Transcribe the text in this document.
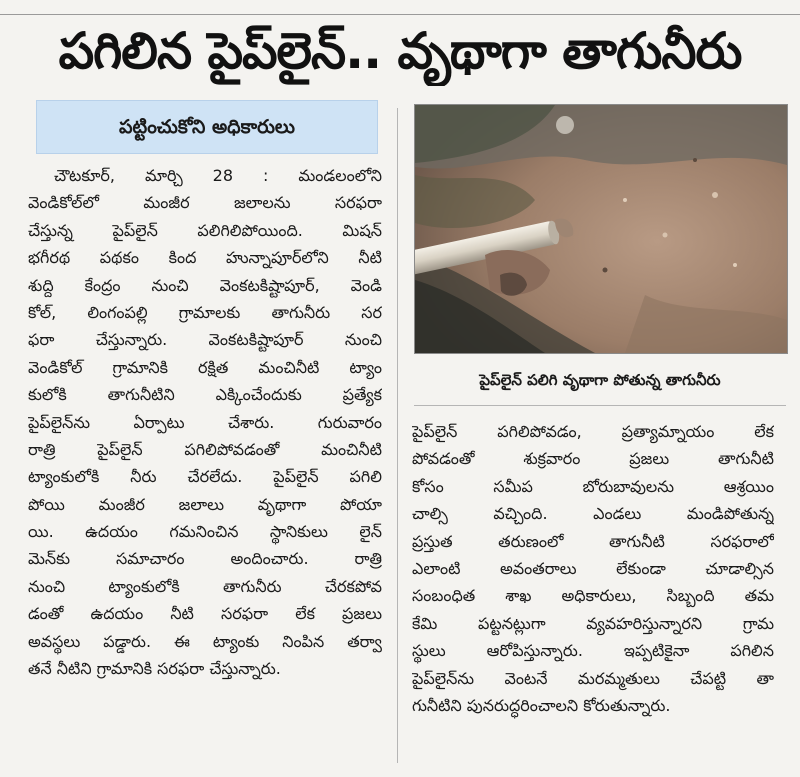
పగిలిన పైప్‌లైన్.. వృథాగా తాగునీరు
పట్టించుకోని అధికారులు
చౌటకూర్, మార్చి 28 : మండలంలోని
వెండికోల్‌లో మంజీర జలాలను సరఫరా
చేస్తున్న పైప్‌లైన్ పలిగిలిపోయింది. మిషన్
భగీరథ పథకం కింద హున్నాపూర్‌లోని నీటి
శుద్ది కేంద్రం నుంచి వెంకటకిష్టాపూర్, వెండి
కోల్, లింగంపల్లి గ్రామాలకు తాగునీరు సర
ఫరా చేస్తున్నారు. వెంకటకిష్టాపూర్ నుంచి
వెండికోల్ గ్రామానికి రక్షిత మంచినీటి ట్యాం
కులోకి తాగునీటిని ఎక్కించేందుకు ప్రత్యేక
పైప్‌లైన్‌ను ఏర్పాటు చేశారు. గురువారం
రాత్రి పైప్‌లైన్ పగిలిపోవడంతో మంచినీటి
ట్యాంకులోకి నీరు చేరలేదు. పైప్‌లైన్ పగిలి
పోయి మంజీర జలాలు వృథాగా పోయా
యి. ఉదయం గమనించిన స్థానికులు లైన్
మెన్‌కు సమాచారం అందించారు. రాత్రి
నుంచి ట్యాంకులోకి తాగునీరు చేరకపోవ
డంతో ఉదయం నీటి సరఫరా లేక ప్రజలు
అవస్థలు పడ్డారు. ఈ ట్యాంకు నింపిన తర్వా
తనే నీటిని గ్రామానికి సరఫరా చేస్తున్నారు.
పైప్‌లైన్ పలిగి వృథాగా పోతున్న తాగునీరు
పైప్‌లైన్ పగిలిపోవడం, ప్రత్యామ్నాయం లేక
పోవడంతో శుక్రవారం ప్రజలు తాగునీటి
కోసం సమీప బోరుబావులను ఆశ్రయిం
చాల్సి వచ్చింది. ఎండలు మండిపోతున్న
ప్రస్తుత తరుణంలో తాగునీటి సరఫరాలో
ఎలాంటి అవంతరాలు లేకుండా చూడాల్సిన
సంబంధిత శాఖ అధికారులు, సిబ్బంది తమ
కేమి పట్టనట్లుగా వ్యవహరిస్తున్నారని గ్రామ
స్థులు ఆరోపిస్తున్నారు. ఇప్పటికైనా పగిలిన
పైప్‌లైన్‌ను వెంటనే మరమ్మతులు చేపట్టి తా
గునీటిని పునరుద్ధరించాలని కోరుతున్నారు.
